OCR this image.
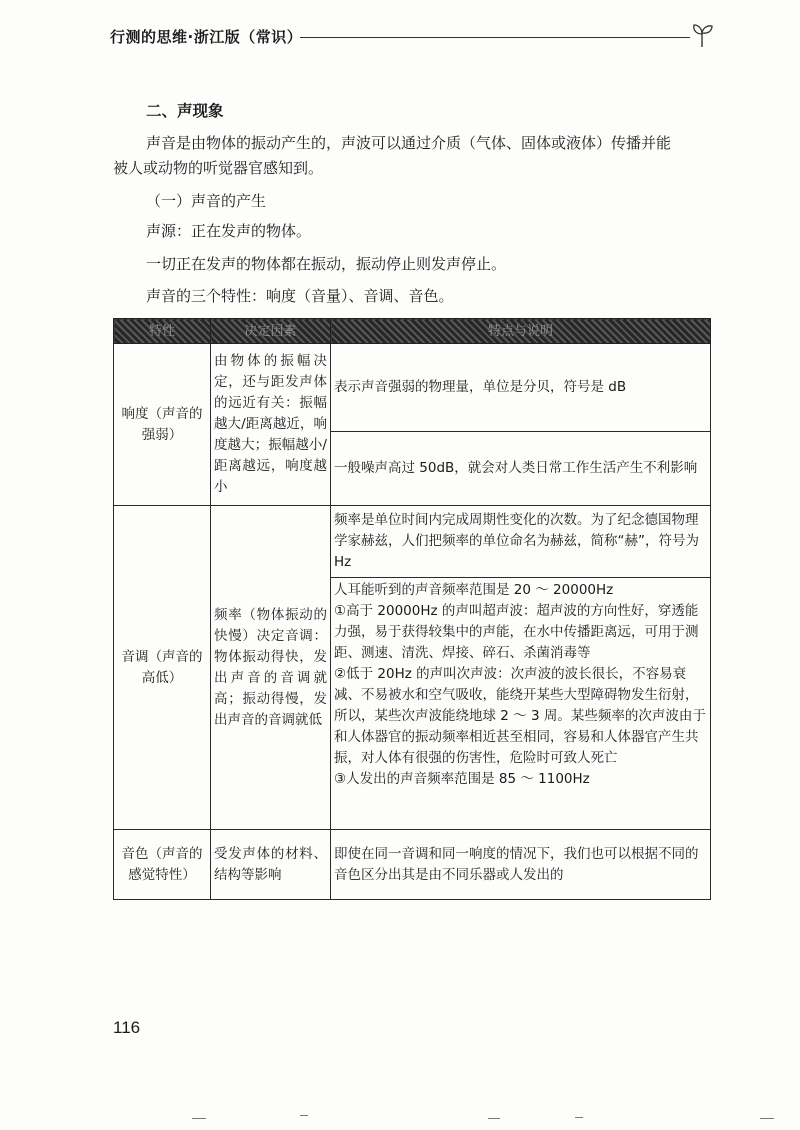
行测的思维·浙江版（常识）

二、声现象

声音是由物体的振动产生的，声波可以通过介质（气体、固体或液体）传播并能

被人或动物的听觉器官感知到。

（一）声音的产生

声源：正在发声的物体。

一切正在发声的物体都在振动，振动停止则发声停止。

声音的三个特性：响度（音量）、音调、音色。

特性	决定因素	特点与说明
响度（声音的强弱）	由物体的振幅决定，还与距发声体的远近有关：振幅越大/距离越近，响度越大；振幅越小/距离越远，响度越小	表示声音强弱的物理量，单位是分贝，符号是 dB
		一般噪声高过 50dB，就会对人类日常工作生活产生不利影响
音调（声音的高低）	频率（物体振动的快慢）决定音调：物体振动得快，发出声音的音调就高；振动得慢，发出声音的音调就低	频率是单位时间内完成周期性变化的次数。为了纪念德国物理学家赫兹，人们把频率的单位命名为赫兹，简称“赫”，符号为 Hz

		人耳能听到的声音频率范围是 20 ～ 20000Hz
①高于 20000Hz 的声叫超声波：超声波的方向性好，穿透能力强，易于获得较集中的声能，在水中传播距离远，可用于测距、测速、清洗、焊接、碎石、杀菌消毒等
②低于 20Hz 的声叫次声波：次声波的波长很长，不容易衰减、不易被水和空气吸收，能绕开某些大型障碍物发生衍射，所以，某些次声波能绕地球 2 ～ 3 周。某些频率的次声波由于和人体器官的振动频率相近甚至相同，容易和人体器官产生共振，对人体有很强的伤害性，危险时可致人死亡
③人发出的声音频率范围是 85 ～ 1100Hz

音色（声音的感觉特性）	受发声体的材料、结构等影响	即使在同一音调和同一响度的情况下，我们也可以根据不同的音色区分出其是由不同乐器或人发出的
116
